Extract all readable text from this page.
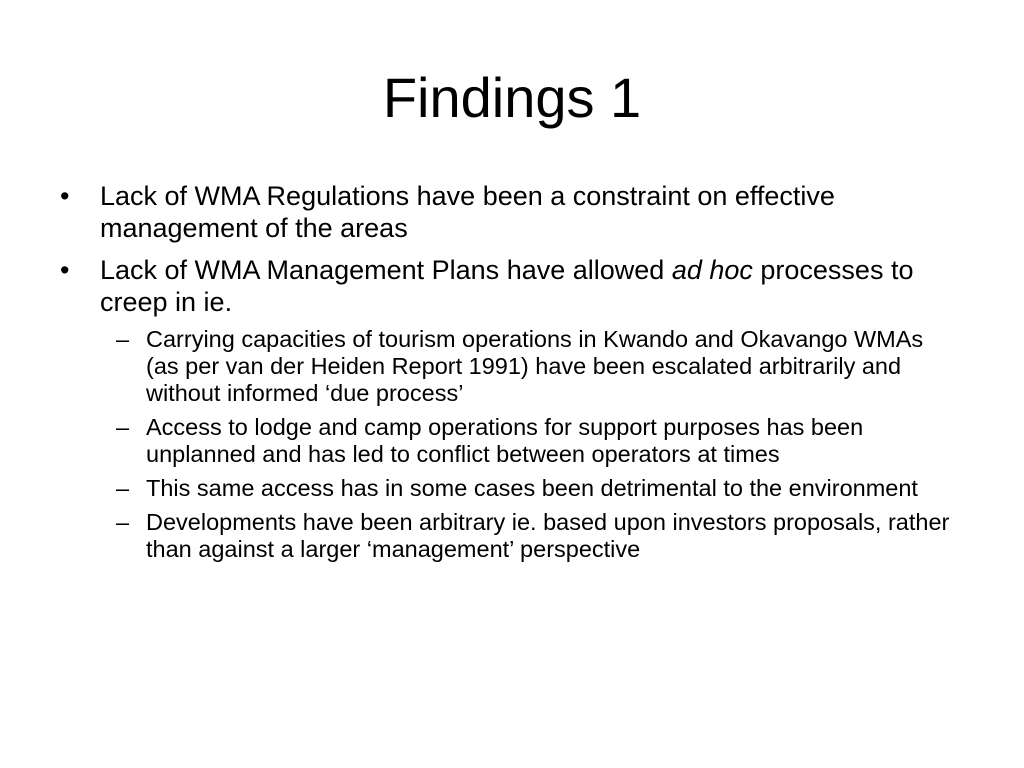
Findings 1
•	Lack of WMA Regulations have been a constraint on effective management of the areas
•	Lack of WMA Management Plans have allowed ad hoc processes to creep in ie.
– Carrying capacities of tourism operations in Kwando and Okavango WMAs (as per van der Heiden Report 1991) have been escalated arbitrarily and without informed ‘due process’
– Access to lodge and camp operations for support purposes has been unplanned and has led to conflict between operators at times
– This same access has in some cases been detrimental to the environment
– Developments have been arbitrary ie. based upon investors proposals, rather than against a larger ‘management’ perspective
